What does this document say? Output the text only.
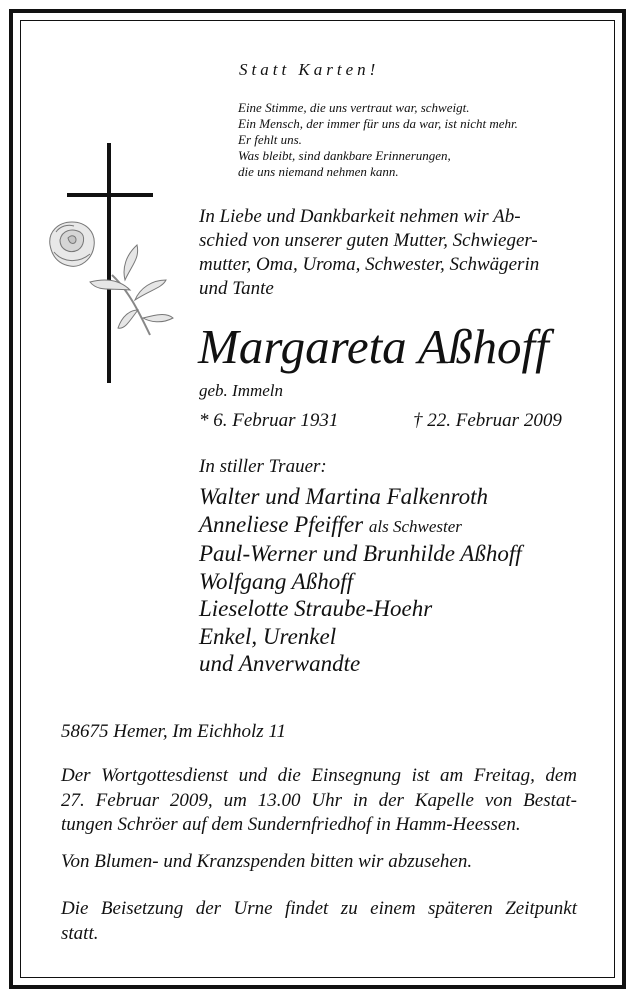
Statt Karten!
Eine Stimme, die uns vertraut war, schweigt.
Ein Mensch, der immer für uns da war, ist nicht mehr.
Er fehlt uns.
Was bleibt, sind dankbare Erinnerungen,
die uns niemand nehmen kann.
In Liebe und Dankbarkeit nehmen wir Ab-
schied von unserer guten Mutter, Schwieger-
mutter, Oma, Uroma, Schwester, Schwägerin
und Tante
Margareta Aßhoff
geb. Immeln
* 6. Februar 1931	† 22. Februar 2009
In stiller Trauer:
Walter und Martina Falkenroth
Anneliese Pfeiffer als Schwester
Paul-Werner und Brunhilde Aßhoff
Wolfgang Aßhoff
Lieselotte Straube-Hoehr
Enkel, Urenkel
und Anverwandte
58675 Hemer, Im Eichholz 11
Der Wortgottesdienst und die Einsegnung ist am Freitag, dem
27. Februar 2009, um 13.00 Uhr in der Kapelle von Bestat-
tungen Schröer auf dem Sundernfriedhof in Hamm-Heessen.
Von Blumen- und Kranzspenden bitten wir abzusehen.
Die Beisetzung der Urne findet zu einem späteren Zeitpunkt
statt.
